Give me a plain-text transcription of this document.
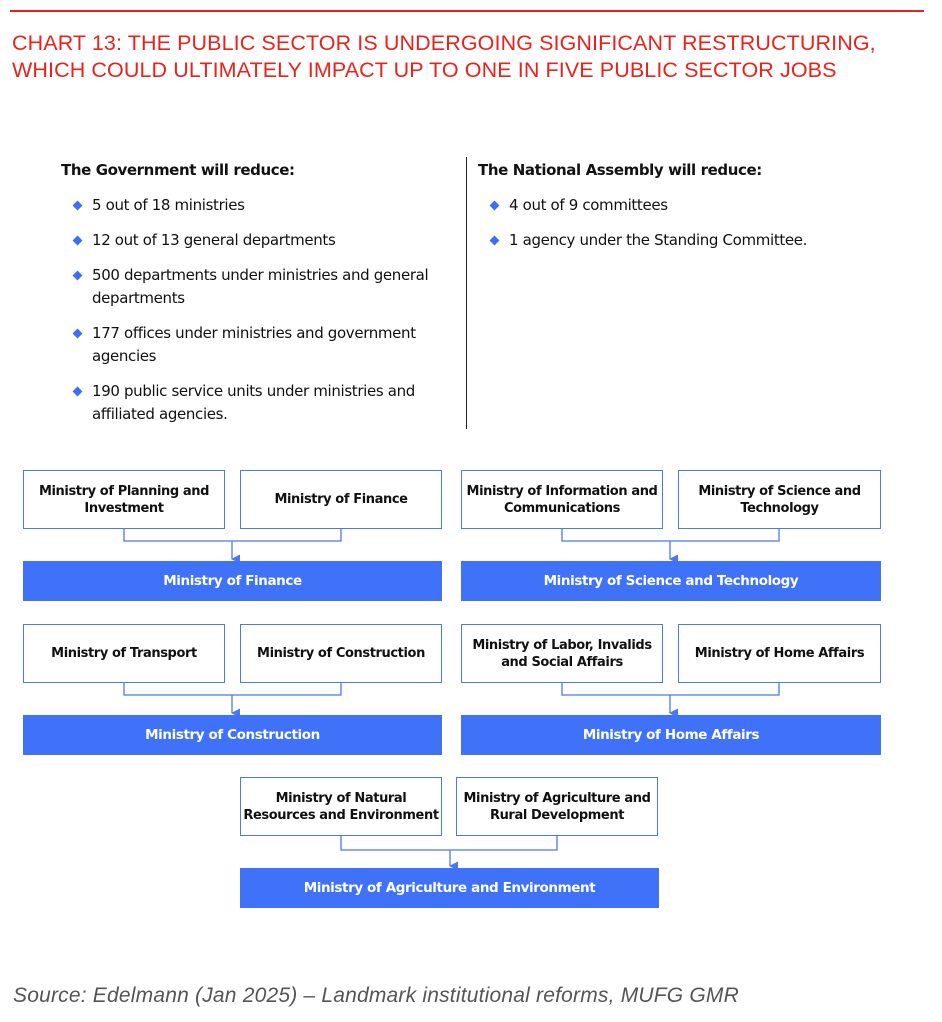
CHART 13: THE PUBLIC SECTOR IS UNDERGOING SIGNIFICANT RESTRUCTURING, WHICH COULD ULTIMATELY IMPACT UP TO ONE IN FIVE PUBLIC SECTOR JOBS
The Government will reduce:
5 out of 18 ministries
12 out of 13 general departments
500 departments under ministries and general departments
177 offices under ministries and government agencies
190 public service units under ministries and affiliated agencies.
The National Assembly will reduce:
4 out of 9 committees
1 agency under the Standing Committee.
Ministry of Planning and Investment
Ministry of Finance
Ministry of Finance
Ministry of Information and Communications
Ministry of Science and Technology
Ministry of Science and Technology
Ministry of Transport	Ministry of Construction
Ministry of Construction
Ministry of Labor, Invalids and Social Affairs
Ministry of Home Affairs
Ministry of Home Affairs
Ministry of Natural Resources and Environment
Ministry of Agriculture and Rural Development
Ministry of Agriculture and Environment
Source: Edelmann (Jan 2025) – Landmark institutional reforms, MUFG GMR
